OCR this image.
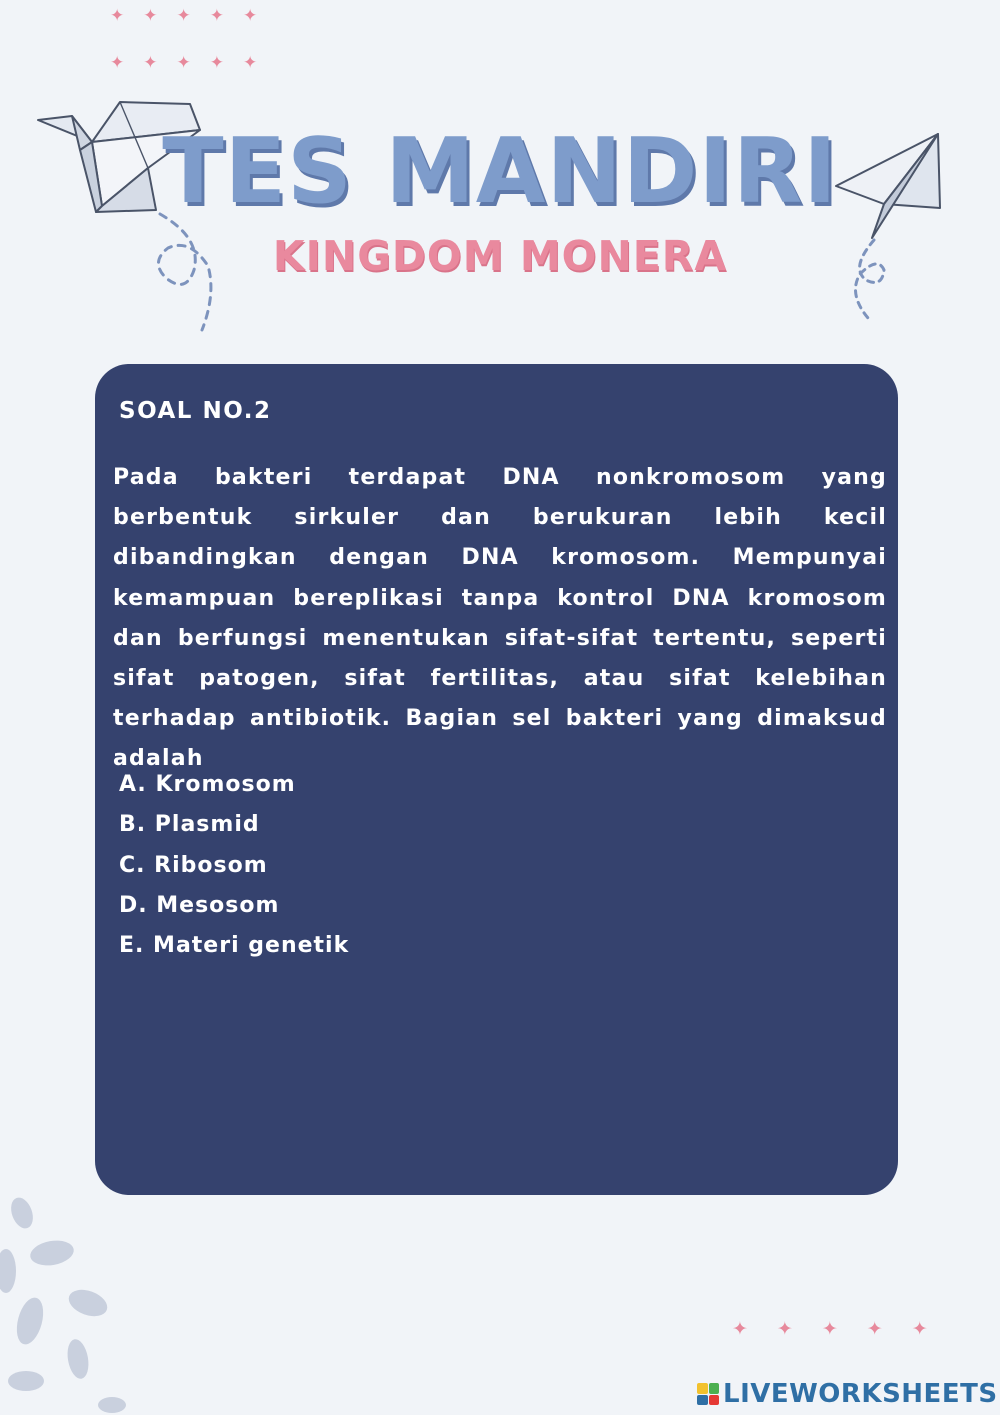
✦ ✦ ✦ ✦ ✦
✦ ✦ ✦ ✦ ✦
✦ ✦ ✦ ✦ ✦
TES MANDIRI
KINGDOM MONERA
SOAL NO.2
Pada bakteri terdapat DNA nonkromosom yang berbentuk sirkuler dan berukuran lebih kecil dibandingkan dengan DNA kromosom. Mempunyai kemampuan bereplikasi tanpa kontrol DNA kromosom dan berfungsi menentukan sifat-sifat tertentu, seperti sifat patogen, sifat fertilitas, atau sifat kelebihan terhadap antibiotik. Bagian sel bakteri yang dimaksud adalah
A. Kromosom
B. Plasmid
C. Ribosom
D. Mesosom
E. Materi genetik
LIVEWORKSHEETS
